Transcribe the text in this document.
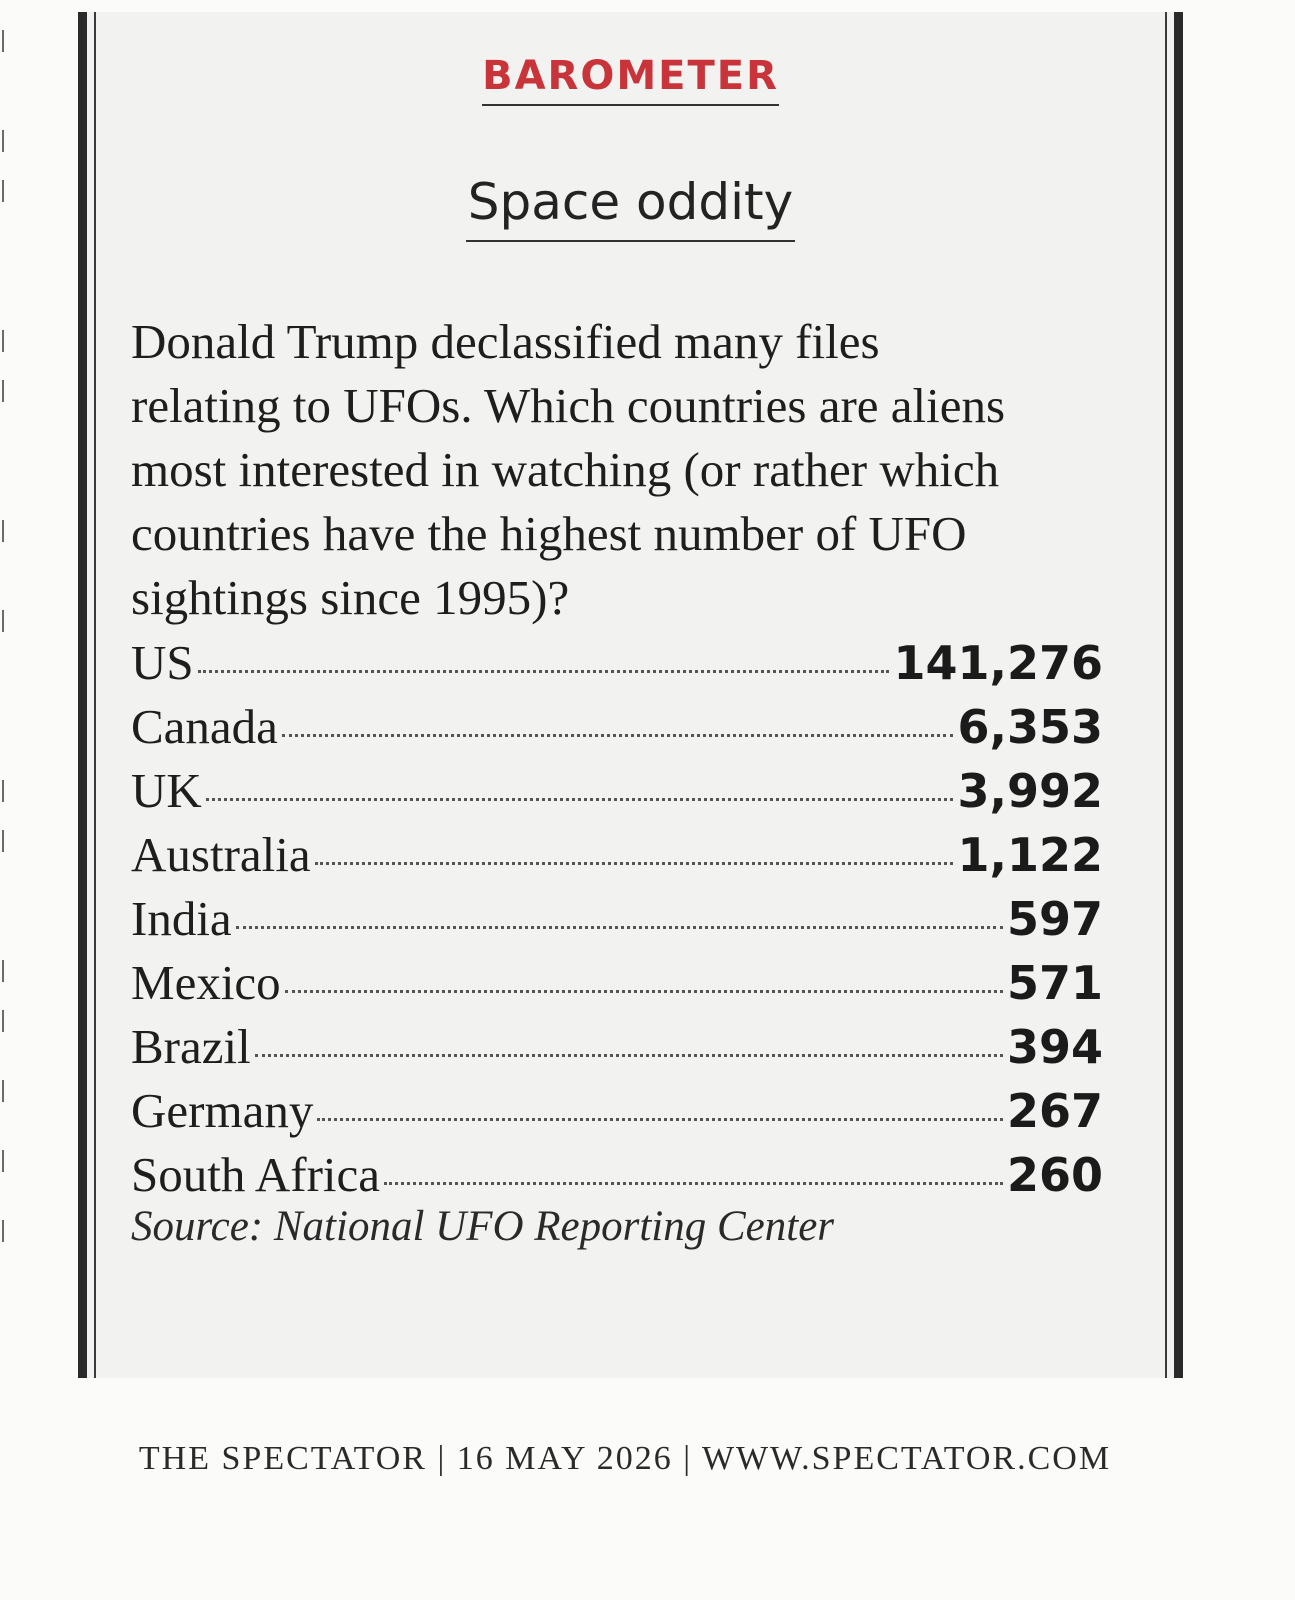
BAROMETER
Space oddity

Donald Trump declassified many files relating to UFOs. Which countries are aliens most interested in watching (or rather which countries have the highest number of UFO sightings since 1995)?

US	141,276
Canada	6,353
UK	3,992
Australia	1,122
India	597
Mexico	571
Brazil	394
Germany	267
South Africa	260

Source: National UFO Reporting Center

THE SPECTATOR | 16 MAY 2026 | WWW.SPECTATOR.COM
